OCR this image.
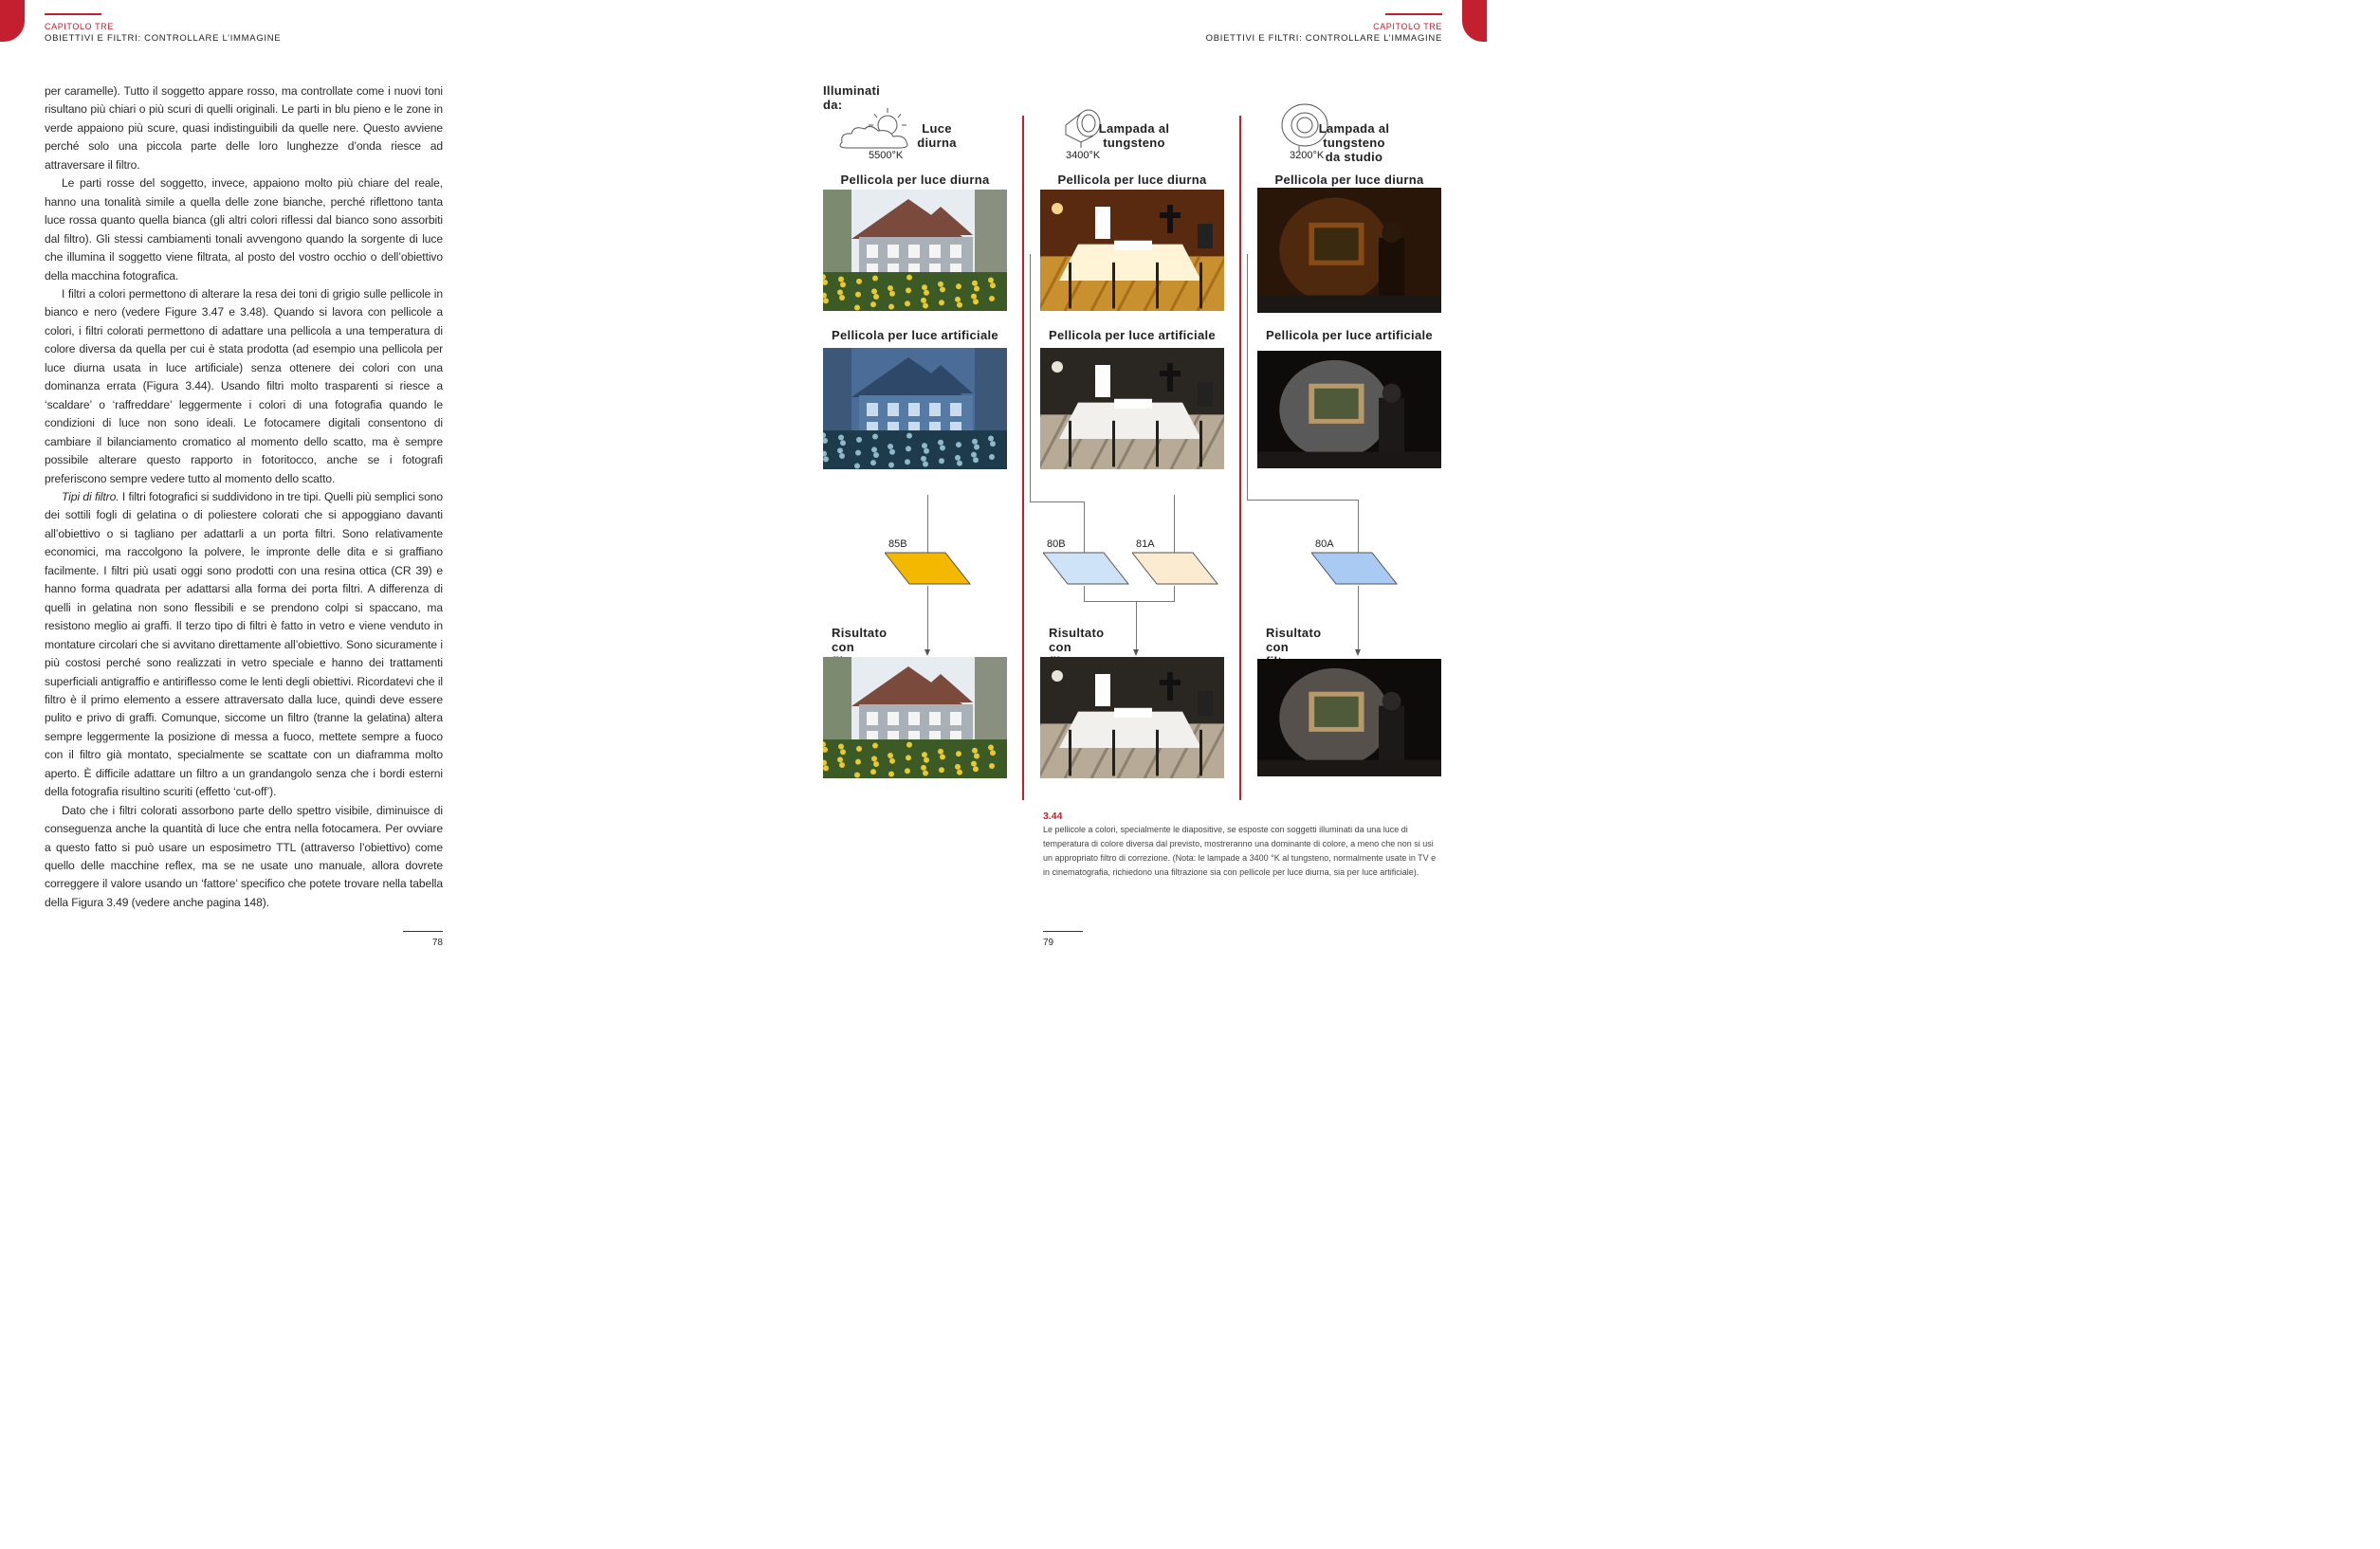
CAPITOLO TRE
OBIETTIVI E FILTRI: CONTROLLARE L’IMMAGINE
CAPITOLO TRE
OBIETTIVI E FILTRI: CONTROLLARE L’IMMAGINE

per caramelle). Tutto il soggetto appare rosso, ma controllate come i nuovi toni risultano più chiari o più scuri di quelli originali. Le parti in blu pieno e le zone in verde appaiono più scure, quasi indistinguibili da quelle nere. Questo avviene perché solo una piccola parte delle loro lunghezze d’onda riesce ad attraversare il filtro.

Le parti rosse del soggetto, invece, appaiono molto più chiare del reale, hanno una tonalità simile a quella delle zone bianche, perché riflettono tanta luce rossa quanto quella bianca (gli altri colori riflessi dal bianco sono assorbiti dal filtro). Gli stessi cambiamenti tonali avvengono quando la sorgente di luce che illumina il soggetto viene filtrata, al posto del vostro occhio o dell’obiettivo della macchina fotografica.

I filtri a colori permettono di alterare la resa dei toni di grigio sulle pellicole in bianco e nero (vedere Figure 3.47 e 3.48). Quando si lavora con pellicole a colori, i filtri colorati permettono di adattare una pellicola a una temperatura di colore diversa da quella per cui è stata prodotta (ad esempio una pellicola per luce diurna usata in luce artificiale) senza ottenere dei colori con una dominanza errata (Figura 3.44). Usando filtri molto trasparenti si riesce a ‘scaldare’ o ‘raffreddare’ leggermente i colori di una fotografia quando le condizioni di luce non sono ideali. Le fotocamere digitali consentono di cambiare il bilanciamento cromatico al momento dello scatto, ma è sempre possibile alterare questo rapporto in fotoritocco, anche se i fotografi preferiscono sempre vedere tutto al momento dello scatto.

Tipi di filtro. I filtri fotografici si suddividono in tre tipi. Quelli più semplici sono dei sottili fogli di gelatina o di poliestere colorati che si appoggiano davanti all’obiettivo o si tagliano per adattarli a un porta filtri. Sono relativamente economici, ma raccolgono la polvere, le impronte delle dita e si graffiano facilmente. I filtri più usati oggi sono prodotti con una resina ottica (CR 39) e hanno forma quadrata per adattarsi alla forma dei porta filtri. A differenza di quelli in gelatina non sono flessibili e se prendono colpi si spaccano, ma resistono meglio ai graffi. Il terzo tipo di filtri è fatto in vetro e viene venduto in montature circolari che si avvitano direttamente all’obiettivo. Sono sicuramente i più costosi perché sono realizzati in vetro speciale e hanno dei trattamenti superficiali antigraffio e antiriflesso come le lenti degli obiettivi. Ricordatevi che il filtro è il primo elemento a essere attraversato dalla luce, quindi deve essere pulito e privo di graffi. Comunque, siccome un filtro (tranne la gelatina) altera sempre leggermente la posizione di messa a fuoco, mettete sempre a fuoco con il filtro già montato, specialmente se scattate con un diaframma molto aperto. È difficile adattare un filtro a un grandangolo senza che i bordi esterni della fotografia risultino scuriti (effetto ‘cut-off’).

Dato che i filtri colorati assorbono parte dello spettro visibile, diminuisce di conseguenza anche la quantità di luce che entra nella fotocamera. Per ovviare a questo fatto si può usare un esposimetro TTL (attraverso l’obiettivo) come quello delle macchine reflex, ma se ne usate uno manuale, allora dovrete correggere il valore usando un ‘fattore’ specifico che potete trovare nella tabella della Figura 3.49 (vedere anche pagina 148).

78
Illuminati da:
Luce
diurna
5500°K
Pellicola per luce diurna
Pellicola per luce artificiale
85B
Risultato
con
Lampada al
tungsteno
3400°K
Pellicola per luce diurna
Pellicola per luce artificiale
80B	81A
Risultato
con
Lampada al
tungsteno
da studio
3200°K
Pellicola per luce diurna
Pellicola per luce artificiale
80A
Risultato
con
3.44

Le pellicole a colori, specialmente le diapositive, se esposte con soggetti illuminati da una luce di temperatura di colore diversa dal previsto, mostreranno una dominante di colore, a meno che non si usi un appropriato filtro di correzione. (Nota: le lampade a 3400 °K al tungsteno, normalmente usate in TV e in cinematografia, richiedono una filtrazione sia con pellicole per luce diurna, sia per luce artificiale).

79
